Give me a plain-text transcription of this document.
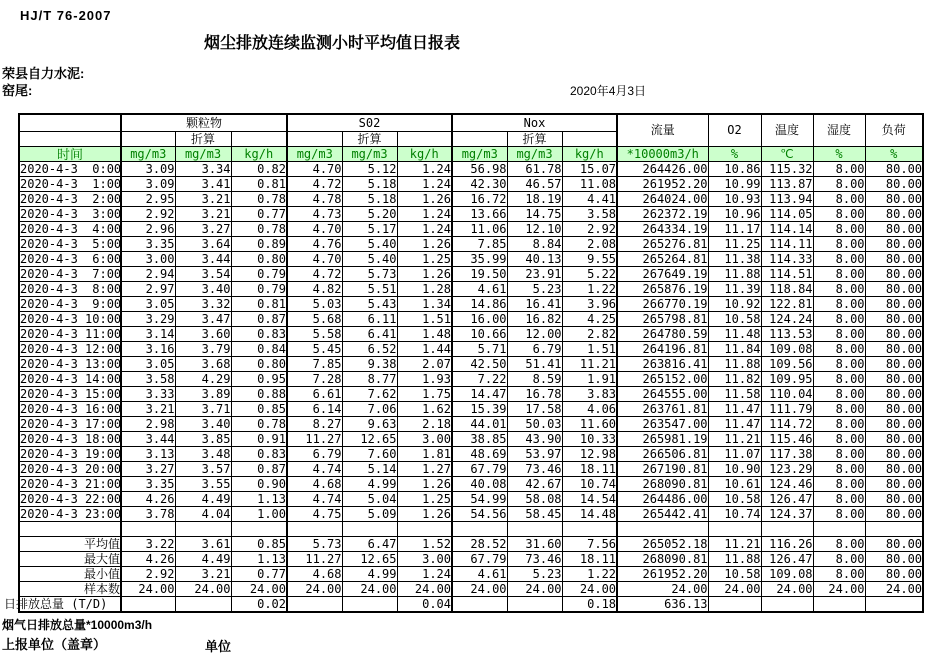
HJ/T 76-2007
烟尘排放连续监测小时平均值日报表
荣县自力水泥:
窑尾:	2020年4月3日
	颗粒物			S02			Nox			流量	O2	温度	湿度	负荷
		折算			折算			折算						
时间	mg/m3	mg/m3	kg/h	mg/m3	mg/m3	kg/h	mg/m3	mg/m3	kg/h	*10000m3/h	%	℃	%	%
2020-4-3  0:00	3.09	3.34	0.82	4.70	5.12	1.24	56.98	61.78	15.07	264426.00	10.86	115.32	8.00	80.00
2020-4-3  1:00	3.09	3.41	0.81	4.72	5.18	1.24	42.30	46.57	11.08	261952.20	10.99	113.87	8.00	80.00
2020-4-3  2:00	2.95	3.21	0.78	4.78	5.18	1.26	16.72	18.19	4.41	264024.00	10.93	113.94	8.00	80.00
2020-4-3  3:00	2.92	3.21	0.77	4.73	5.20	1.24	13.66	14.75	3.58	262372.19	10.96	114.05	8.00	80.00
2020-4-3  4:00	2.96	3.27	0.78	4.70	5.17	1.24	11.06	12.10	2.92	264334.19	11.17	114.14	8.00	80.00
2020-4-3  5:00	3.35	3.64	0.89	4.76	5.40	1.26	7.85	8.84	2.08	265276.81	11.25	114.11	8.00	80.00
2020-4-3  6:00	3.00	3.44	0.80	4.70	5.40	1.25	35.99	40.13	9.55	265264.81	11.38	114.33	8.00	80.00
2020-4-3  7:00	2.94	3.54	0.79	4.72	5.73	1.26	19.50	23.91	5.22	267649.19	11.88	114.51	8.00	80.00
2020-4-3  8:00	2.97	3.40	0.79	4.82	5.51	1.28	4.61	5.23	1.22	265876.19	11.39	118.84	8.00	80.00
2020-4-3  9:00	3.05	3.32	0.81	5.03	5.43	1.34	14.86	16.41	3.96	266770.19	10.92	122.81	8.00	80.00
2020-4-3 10:00	3.29	3.47	0.87	5.68	6.11	1.51	16.00	16.82	4.25	265798.81	10.58	124.24	8.00	80.00
2020-4-3 11:00	3.14	3.60	0.83	5.58	6.41	1.48	10.66	12.00	2.82	264780.59	11.48	113.53	8.00	80.00
2020-4-3 12:00	3.16	3.79	0.84	5.45	6.52	1.44	5.71	6.79	1.51	264196.81	11.84	109.08	8.00	80.00
2020-4-3 13:00	3.05	3.68	0.80	7.85	9.38	2.07	42.50	51.41	11.21	263816.41	11.88	109.56	8.00	80.00
2020-4-3 14:00	3.58	4.29	0.95	7.28	8.77	1.93	7.22	8.59	1.91	265152.00	11.82	109.95	8.00	80.00
2020-4-3 15:00	3.33	3.89	0.88	6.61	7.62	1.75	14.47	16.78	3.83	264555.00	11.58	110.04	8.00	80.00
2020-4-3 16:00	3.21	3.71	0.85	6.14	7.06	1.62	15.39	17.58	4.06	263761.81	11.47	111.79	8.00	80.00
2020-4-3 17:00	2.98	3.40	0.78	8.27	9.63	2.18	44.01	50.03	11.60	263547.00	11.47	114.72	8.00	80.00
2020-4-3 18:00	3.44	3.85	0.91	11.27	12.65	3.00	38.85	43.90	10.33	265981.19	11.21	115.46	8.00	80.00
2020-4-3 19:00	3.13	3.48	0.83	6.79	7.60	1.81	48.69	53.97	12.98	266506.81	11.07	117.38	8.00	80.00
2020-4-3 20:00	3.27	3.57	0.87	4.74	5.14	1.27	67.79	73.46	18.11	267190.81	10.90	123.29	8.00	80.00
2020-4-3 21:00	3.35	3.55	0.90	4.68	4.99	1.26	40.08	42.67	10.74	268090.81	10.61	124.46	8.00	80.00
2020-4-3 22:00	4.26	4.49	1.13	4.74	5.04	1.25	54.99	58.08	14.54	264486.00	10.58	126.47	8.00	80.00
2020-4-3 23:00	3.78	4.04	1.00	4.75	5.09	1.26	54.56	58.45	14.48	265442.41	10.74	124.37	8.00	80.00

平均值	3.22	3.61	0.85	5.73	6.47	1.52	28.52	31.60	7.56	265052.18	11.21	116.26	8.00	80.00
最大值	4.26	4.49	1.13	11.27	12.65	3.00	67.79	73.46	18.11	268090.81	11.88	126.47	8.00	80.00
最小值	2.92	3.21	0.77	4.68	4.99	1.24	4.61	5.23	1.22	261952.20	10.58	109.08	8.00	80.00
样本数	24.00	24.00	24.00	24.00	24.00	24.00	24.00	24.00	24.00	24.00	24.00	24.00	24.00	24.00
日排放总量 (T/D)			0.02			0.04			0.18	636.13				
烟气日排放总量*10000m3/h
上报单位（盖章）	单位
